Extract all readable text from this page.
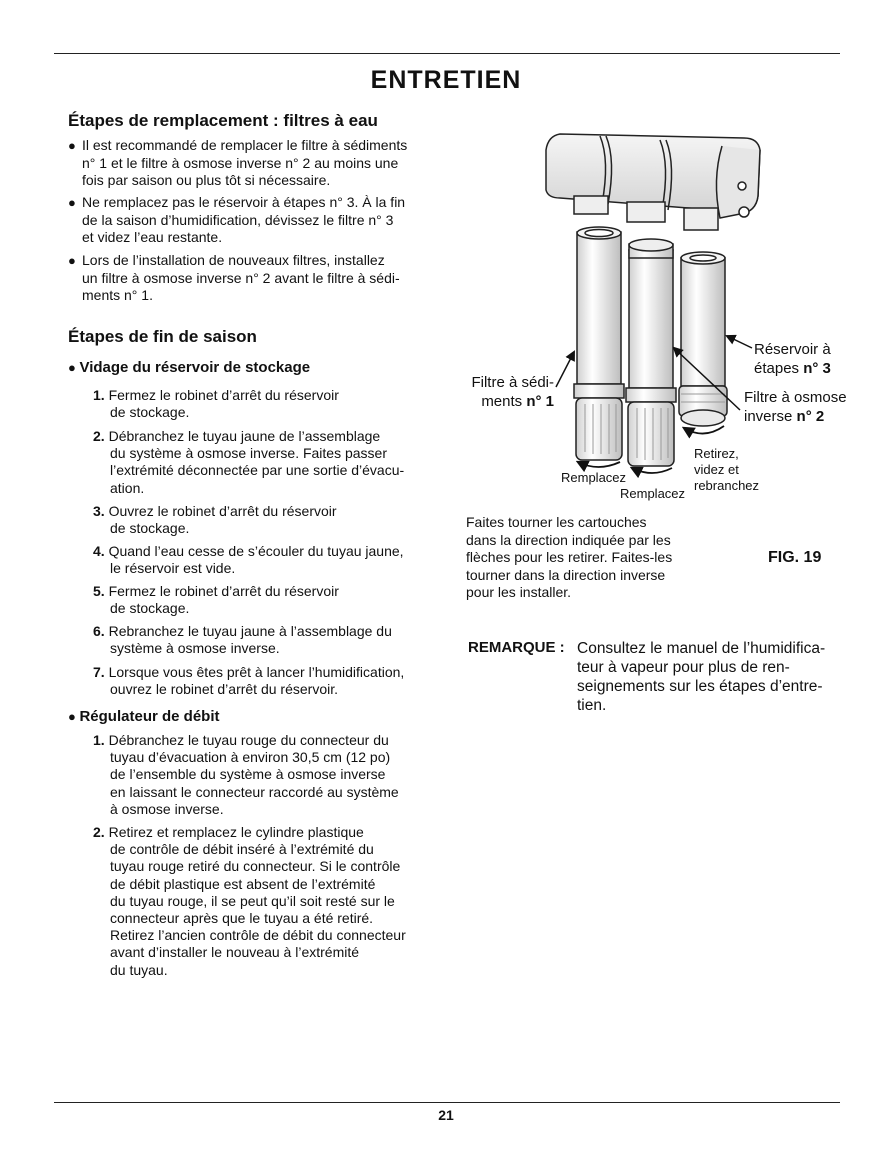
ENTRETIEN
Étapes de remplacement : filtres à eau
● Il est recommandé de remplacer le filtre à sédiments
n° 1 et le filtre à osmose inverse n° 2 au moins une
fois par saison ou plus tôt si nécessaire.
● Ne remplacez pas le réservoir à étapes n° 3. À la fin
de la saison d’humidification, dévissez le filtre n° 3
et videz l’eau restante.
● Lors de l’installation de nouveaux filtres, installez
un filtre à osmose inverse n° 2 avant le filtre à sédi-
ments n° 1.
Étapes de fin de saison
● Vidage du réservoir de stockage
1. Fermez le robinet d’arrêt du réservoir
de stockage.
2. Débranchez le tuyau jaune de l’assemblage
du système à osmose inverse. Faites passer
l’extrémité déconnectée par une sortie d’évacu-
ation.
3. Ouvrez le robinet d’arrêt du réservoir
de stockage.
4. Quand l’eau cesse de s’écouler du tuyau jaune,
le réservoir est vide.
5. Fermez le robinet d’arrêt du réservoir
de stockage.
6. Rebranchez le tuyau jaune à l’assemblage du
système à osmose inverse.
7. Lorsque vous êtes prêt à lancer l’humidification,
ouvrez le robinet d’arrêt du réservoir.
● Régulateur de débit
1. Débranchez le tuyau rouge du connecteur du
tuyau d’évacuation à environ 30,5 cm (12 po)
de l’ensemble du système à osmose inverse
en laissant le connecteur raccordé au système
à osmose inverse.
2. Retirez et remplacez le cylindre plastique
de contrôle de débit inséré à l’extrémité du
tuyau rouge retiré du connecteur. Si le contrôle
de débit plastique est absent de l’extrémité
du tuyau rouge, il se peut qu’il soit resté sur le
connecteur après que le tuyau a été retiré.
Retirez l’ancien contrôle de débit du connecteur
avant d’installer le nouveau à l’extrémité
du tuyau.
Filtre à sédi-
ments n° 1
Réservoir à
étapes n° 3
Filtre à osmose
inverse n° 2
Remplacez
Remplacez
Retirez,
videz et
rebranchez
Faites tourner les cartouches
dans la direction indiquée par les
flèches pour les retirer. Faites-les
tourner dans la direction inverse
pour les installer.
FIG. 19
REMARQUE : Consultez le manuel de l’humidifica-
teur à vapeur pour plus de ren-
seignements sur les étapes d’entre-
tien.
21
